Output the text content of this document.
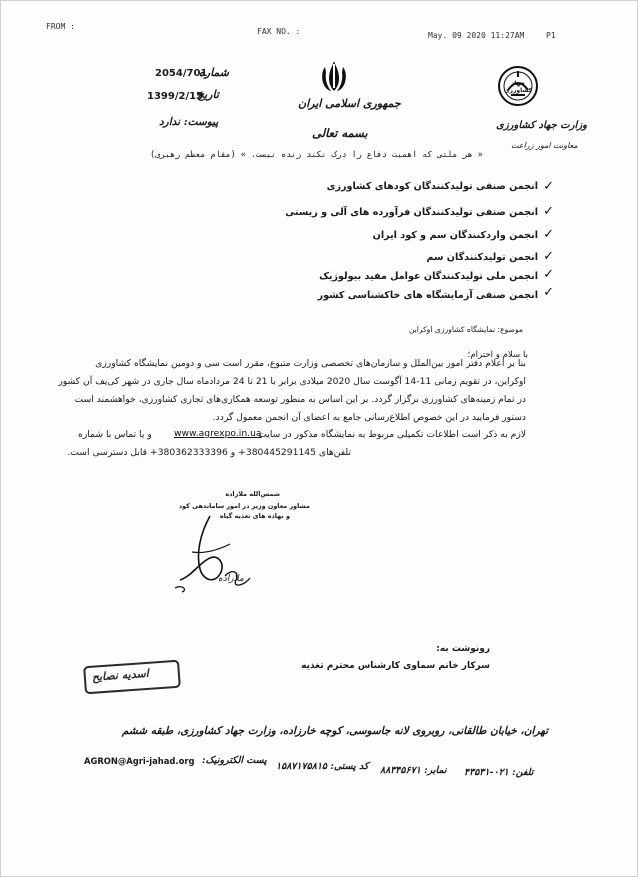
FROM :
FAX NO. :	May. 09 2020 11:27AM	P1
2054/701
شماره
1399/2/15
تاریخ
پیوست: ندارد
جمهوری اسلامی ایران
بسمه تعالی
جهاد کشاورزی
وزارت جهاد کشاورزی
معاونت امور زراعت
« هر ملتی که اهمیت دفاع را درک نکند زنده نیست. » (مقام معظم رهبری)
✓
انجمن صنفی تولیدکنندگان کودهای کشاورزی
✓
انجمن صنفی تولیدکنندگان فرآورده های آلی و زیستی
✓
انجمن واردکنندگان سم و کود ایران
✓
انجمن تولیدکنندگان سم
✓
انجمن ملی تولیدکنندگان عوامل مفید بیولوژیک
✓
انجمن صنفی آزمایشگاه های خاکشناسی کشور
موضوع: نمایشگاه کشاورزی اوکراین
با سلام و احترام؛
بنا بر اعلام دفتر امور بین‌الملل و سازمان‌های تخصصی وزارت متبوع، مقرر است سی و دومین نمایشگاه کشاورزی
اوکراین، در تقویم زمانی 11-14 آگوست سال 2020 میلادی برابر با 21 تا 24 مردادماه سال جاری در شهر کی‌یف آن کشور
در تمام زمینه‌های کشاورزی برگزار گردد. بر این اساس به منظور توسعه همکاری‌های تجاری کشاورزی، خواهشمند است
دستور فرمایید در این خصوص اطلاع‌رسانی جامع به اعضای آن انجمن معمول گردد.
لازم به ذکر است اطلاعات تکمیلی مربوط به نمایشگاه مذکور در سایت
www.agrexpo.in.ua
و یا تماس با شماره
تلفن‌های 380445291145+ و 380362333396+ قابل دسترسی است.
شمس‌الله ملازاده
مشاور معاون وزیر در امور ساماندهی کود
و نهاده های تغذیه گیاه
ملازاده
رونوشت به:
سرکار خانم سماوی کارشناس محترم تغذیه
اسدیه نصایح
تهران، خیابان طالقانی، روبروی لانه جاسوسی، کوچه خارزاده، وزارت جهاد کشاورزی، طبقه ششم
AGRON@Agri-jahad.org پست الکترونیک:
کد پستی: ۱۵۸۷۱۷۵۸۱۵ نمابر: ۸۸۳۴۵۶۷۱ تلفن: ۰۲۱-۴۳۵۳۱
